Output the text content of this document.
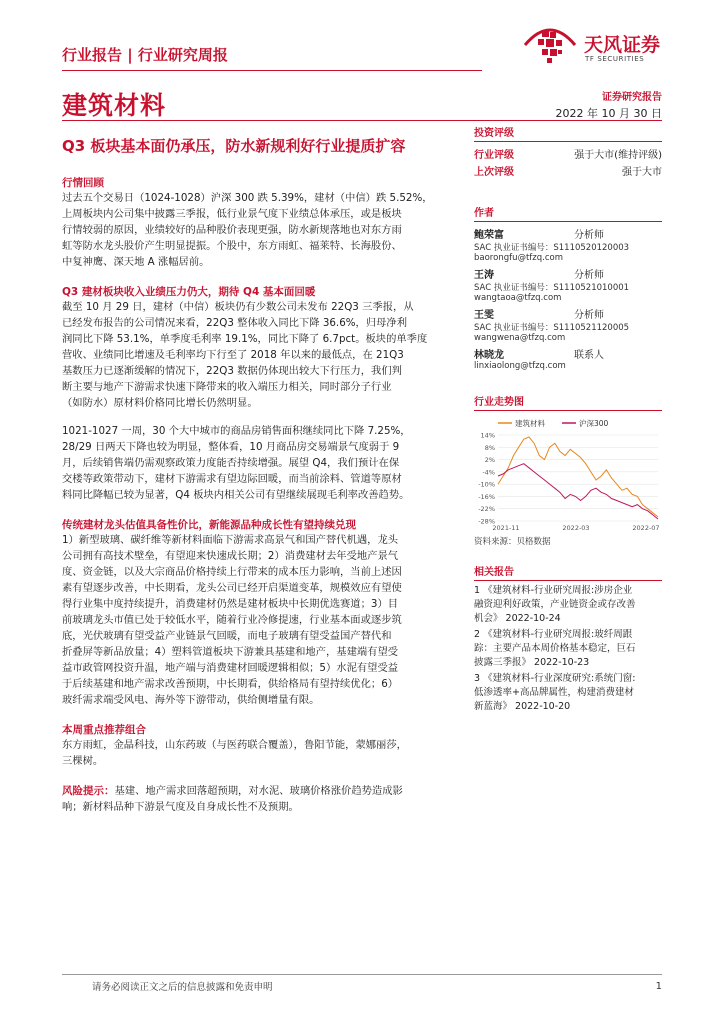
行业报告 | 行业研究周报	天风证券
TF SECURITIES
建筑材料	证券研究报告
2022 年 10 月 30 日
Q3 板块基本面仍承压，防水新规利好行业提质扩容
行情回顾
过去五个交易日（1024-1028）沪深 300 跌 5.39%，建材（中信）跌 5.52%，
上周板块内公司集中披露三季报，低行业景气度下业绩总体承压，或是板块
行情较弱的原因，业绩较好的品种股价表现更强，防水新规落地也对东方雨
虹等防水龙头股价产生明显提振。个股中，东方雨虹、福莱特、长海股份、
中复神鹰、深天地 A 涨幅居前。
Q3 建材板块收入业绩压力仍大，期待 Q4 基本面回暖
截至 10 月 29 日，建材（中信）板块仍有少数公司未发布 22Q3 三季报，从
已经发布报告的公司情况来看，22Q3 整体收入同比下降 36.6%，归母净利
润同比下降 53.1%，单季度毛利率 19.1%，同比下降了 6.7pct。板块的单季度
营收、业绩同比增速及毛利率均下行至了 2018 年以来的最低点，在 21Q3
基数压力已逐渐缓解的情况下，22Q3 数据仍体现出较大下行压力，我们判
断主要与地产下游需求快速下降带来的收入端压力相关，同时部分子行业
（如防水）原材料价格同比增长仍然明显。
1021-1027 一周，30 个大中城市的商品房销售面积继续同比下降 7.25%，
28/29 日两天下降也较为明显，整体看，10 月商品房交易端景气度弱于 9
月，后续销售端仍需观察政策力度能否持续增强。展望 Q4，我们预计在保
交楼等政策带动下，建材下游需求有望边际回暖，而当前涂料、管道等原材
料同比降幅已较为显著，Q4 板块内相关公司有望继续展现毛利率改善趋势。
传统建材龙头估值具备性价比，新能源品种成长性有望持续兑现
1）新型玻璃、碳纤维等新材料面临下游需求高景气和国产替代机遇，龙头
公司拥有高技术壁垒，有望迎来快速成长期；2）消费建材去年受地产景气
度、资金链，以及大宗商品价格持续上行带来的成本压力影响，当前上述因
素有望逐步改善，中长期看，龙头公司已经开启渠道变革，规模效应有望使
得行业集中度持续提升，消费建材仍然是建材板块中长期优选赛道；3）目
前玻璃龙头市值已处于较低水平，随着行业冷修提速，行业基本面或逐步筑
底，光伏玻璃有望受益产业链景气回暖，而电子玻璃有望受益国产替代和
折叠屏等新品放量；4）塑料管道板块下游兼具基建和地产，基建端有望受
益市政管网投资升温，地产端与消费建材回暖逻辑相似；5）水泥有望受益
于后续基建和地产需求改善预期，中长期看，供给格局有望持续优化；6）
玻纤需求端受风电、海外等下游带动，供给侧增量有限。
本周重点推荐组合
东方雨虹，金晶科技，山东药玻（与医药联合覆盖），鲁阳节能，蒙娜丽莎，
三棵树。
风险提示：基建、地产需求回落超预期，对水泥、玻璃价格涨价趋势造成影
响；新材料品种下游景气度及自身成长性不及预期。
投资评级
行业评级	强于大市(维持评级)
上次评级	强于大市
作者
鲍荣富	分析师
SAC 执业证书编号：S1110520120003
baorongfu@tfzq.com
王涛	分析师
SAC 执业证书编号：S1110521010001
wangtaoa@tfzq.com
王雯	分析师
SAC 执业证书编号：S1110521120005
wangwena@tfzq.com
林晓龙	联系人
linxiaolong@tfzq.com
行业走势图
建筑材料	沪深300
14%
8%
2%
-4%
-10%
-16%
-22%
-28%
2021-11	2022-03	2022-07
资料来源：贝格数据
相关报告
1 《建筑材料-行业研究周报:涉房企业
融资迎利好政策，产业链资金或存改善
机会》 2022-10-24
2 《建筑材料-行业研究周报:玻纤周跟
踪：主要产品本周价格基本稳定，巨石
披露三季报》 2022-10-23
3 《建筑材料-行业深度研究:系统门窗:
低渗透率+高品牌属性，构建消费建材
新蓝海》 2022-10-20
请务必阅读正文之后的信息披露和免责申明	1
